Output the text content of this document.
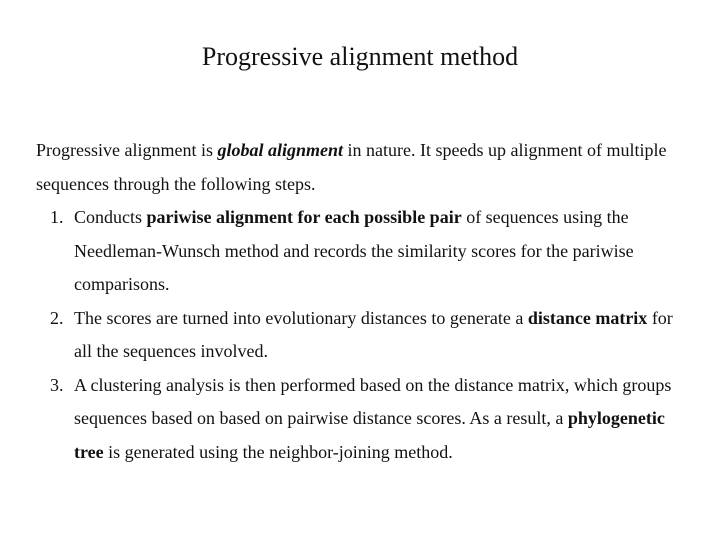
Progressive alignment method

Progressive alignment is global alignment in nature. It speeds up alignment of multiple sequences through the following steps.

1. Conducts pariwise alignment for each possible pair of sequences using the Needleman-Wunsch method and records the similarity scores for the pariwise comparisons.
2. The scores are turned into evolutionary distances to generate a distance matrix for all the sequences involved.
3. A clustering analysis is then performed based on the distance matrix, which groups sequences based on based on pairwise distance scores. As a result, a phylogenetic tree is generated using the neighbor-joining method.
